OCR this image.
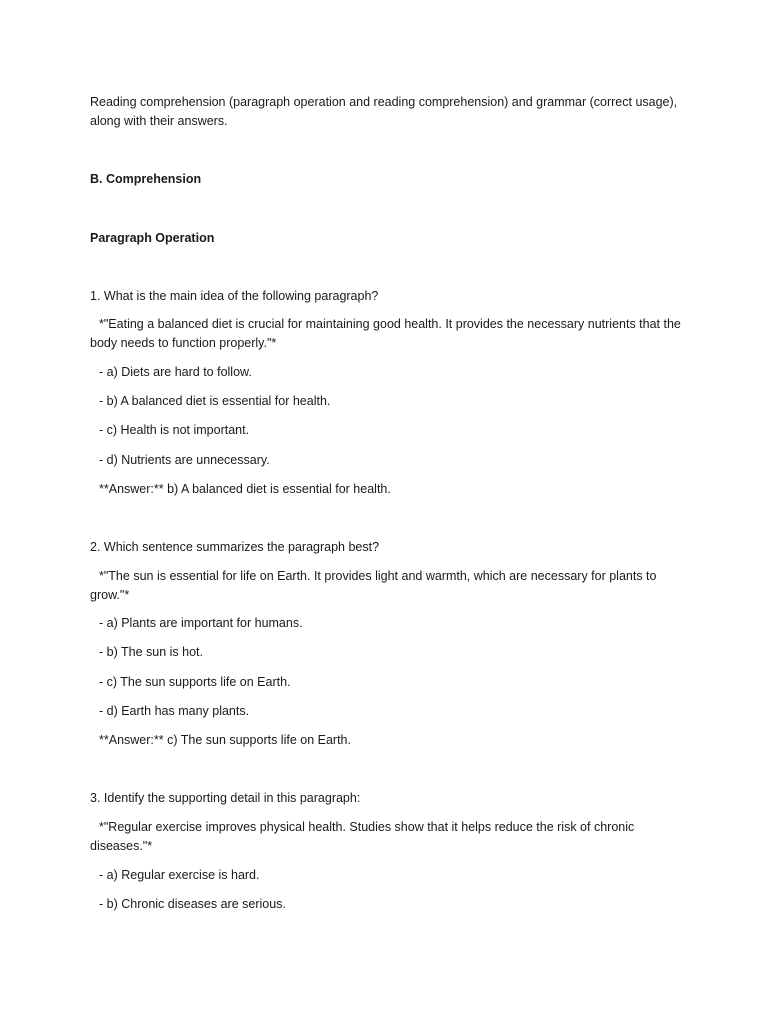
Reading comprehension (paragraph operation and reading comprehension) and grammar (correct usage), along with their answers.
B. Comprehension
Paragraph Operation
1. What is the main idea of the following paragraph?
*"Eating a balanced diet is crucial for maintaining good health. It provides the necessary nutrients that the body needs to function properly."*
- a) Diets are hard to follow.
- b) A balanced diet is essential for health.
- c) Health is not important.
- d) Nutrients are unnecessary.
**Answer:** b) A balanced diet is essential for health.
2. Which sentence summarizes the paragraph best?
*"The sun is essential for life on Earth. It provides light and warmth, which are necessary for plants to grow."*
- a) Plants are important for humans.
- b) The sun is hot.
- c) The sun supports life on Earth.
- d) Earth has many plants.
**Answer:** c) The sun supports life on Earth.
3. Identify the supporting detail in this paragraph:
*"Regular exercise improves physical health. Studies show that it helps reduce the risk of chronic diseases."*
- a) Regular exercise is hard.
- b) Chronic diseases are serious.
